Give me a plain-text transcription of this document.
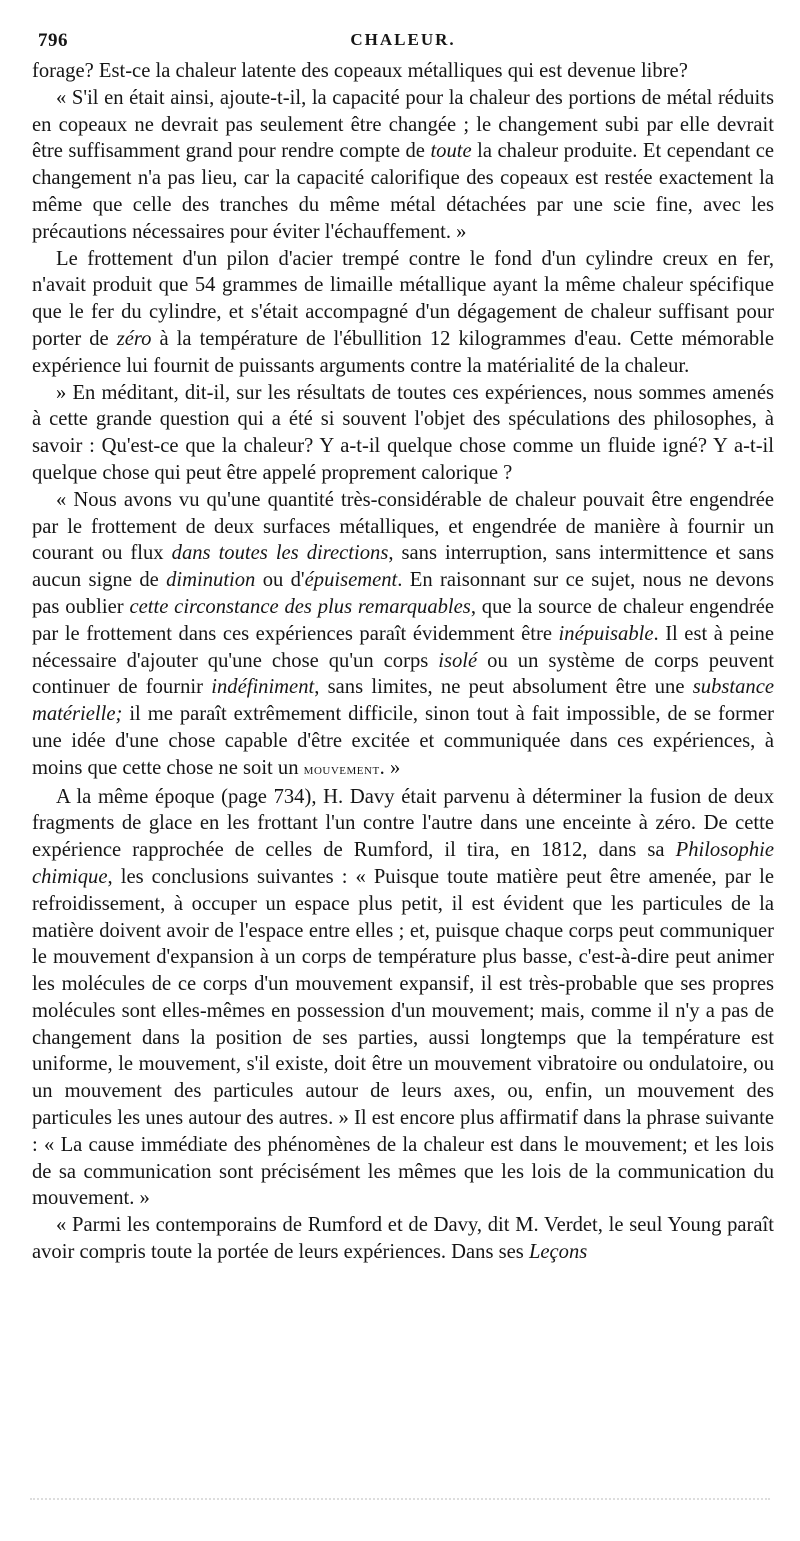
796	CHALEUR.

forage? Est-ce la chaleur latente des copeaux métalliques qui est devenue libre?

« S'il en était ainsi, ajoute-t-il, la capacité pour la chaleur des portions de métal réduits en copeaux ne devrait pas seulement être changée ; le changement subi par elle devrait être suffisamment grand pour rendre compte de toute la chaleur produite. Et cependant ce changement n'a pas lieu, car la capacité calorifique des copeaux est restée exactement la même que celle des tranches du même métal détachées par une scie fine, avec les précautions nécessaires pour éviter l'échauffement. »

Le frottement d'un pilon d'acier trempé contre le fond d'un cylindre creux en fer, n'avait produit que 54 grammes de limaille métallique ayant la même chaleur spécifique que le fer du cylindre, et s'était accompagné d'un dégagement de chaleur suffisant pour porter de zéro à la température de l'ébullition 12 kilogrammes d'eau. Cette mémorable expérience lui fournit de puissants arguments contre la matérialité de la chaleur.

» En méditant, dit-il, sur les résultats de toutes ces expériences, nous sommes amenés à cette grande question qui a été si souvent l'objet des spéculations des philosophes, à savoir : Qu'est-ce que la chaleur? Y a-t-il quelque chose comme un fluide igné? Y a-t-il quelque chose qui peut être appelé proprement calorique ?

« Nous avons vu qu'une quantité très-considérable de chaleur pouvait être engendrée par le frottement de deux surfaces métalliques, et engendrée de manière à fournir un courant ou flux dans toutes les directions, sans interruption, sans intermittence et sans aucun signe de diminution ou d'épuisement. En raisonnant sur ce sujet, nous ne devons pas oublier cette circonstance des plus remarquables, que la source de chaleur engendrée par le frottement dans ces expériences paraît évidemment être inépuisable. Il est à peine nécessaire d'ajouter qu'une chose qu'un corps isolé ou un système de corps peuvent continuer de fournir indéfiniment, sans limites, ne peut absolument être une substance matérielle; il me paraît extrêmement difficile, sinon tout à fait impossible, de se former une idée d'une chose capable d'être excitée et communiquée dans ces expériences, à moins que cette chose ne soit un mouvement. »

A la même époque (page 734), H. Davy était parvenu à déterminer la fusion de deux fragments de glace en les frottant l'un contre l'autre dans une enceinte à zéro. De cette expérience rapprochée de celles de Rumford, il tira, en 1812, dans sa Philosophie chimique, les conclusions suivantes : « Puisque toute matière peut être amenée, par le refroidissement, à occuper un espace plus petit, il est évident que les particules de la matière doivent avoir de l'espace entre elles ; et, puisque chaque corps peut communiquer le mouvement d'expansion à un corps de température plus basse, c'est-à-dire peut animer les molécules de ce corps d'un mouvement expansif, il est très-probable que ses propres molécules sont elles-mêmes en possession d'un mouvement; mais, comme il n'y a pas de changement dans la position de ses parties, aussi longtemps que la température est uniforme, le mouvement, s'il existe, doit être un mouvement vibratoire ou ondulatoire, ou un mouvement des particules autour de leurs axes, ou, enfin, un mouvement des particules les unes autour des autres. » Il est encore plus affirmatif dans la phrase suivante : « La cause immédiate des phénomènes de la chaleur est dans le mouvement; et les lois de sa communication sont précisément les mêmes que les lois de la communication du mouvement. »

« Parmi les contemporains de Rumford et de Davy, dit M. Verdet, le seul Young paraît avoir compris toute la portée de leurs expériences. Dans ses Leçons
